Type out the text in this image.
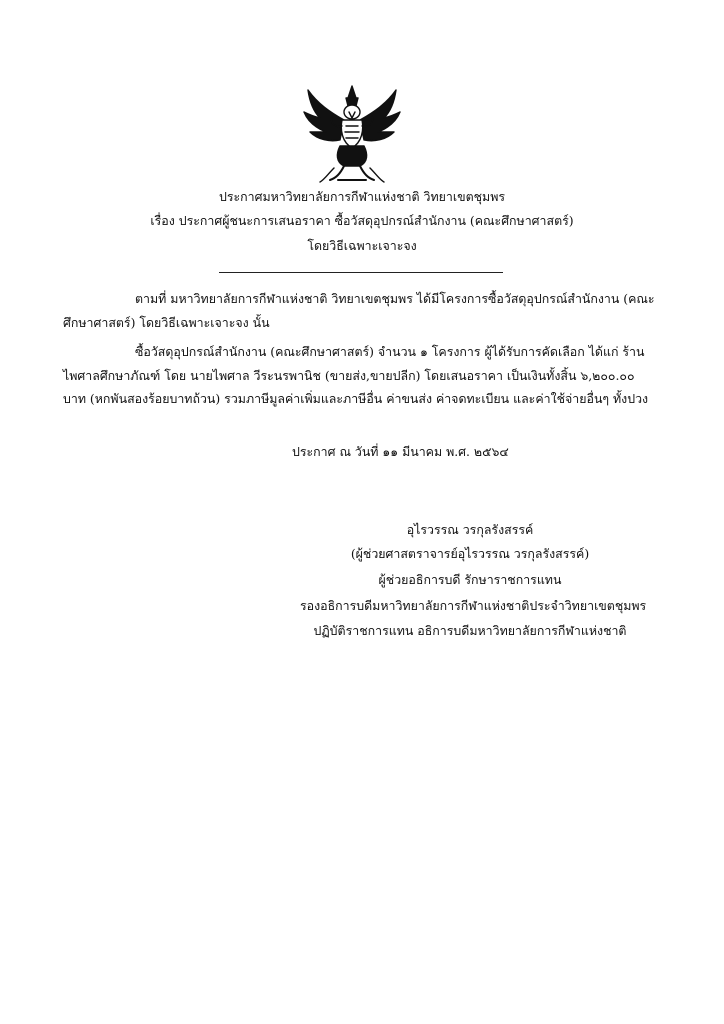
ประกาศมหาวิทยาลัยการกีฬาแห่งชาติ วิทยาเขตชุมพร
เรื่อง ประกาศผู้ชนะการเสนอราคา ซื้อวัสดุอุปกรณ์สำนักงาน (คณะศึกษาศาสตร์)
โดยวิธีเฉพาะเจาะจง
ตามที่ มหาวิทยาลัยการกีฬาแห่งชาติ วิทยาเขตชุมพร ได้มีโครงการซื้อวัสดุอุปกรณ์สำนักงาน (คณะศึกษาศาสตร์) โดยวิธีเฉพาะเจาะจง นั้น
ซื้อวัสดุอุปกรณ์สำนักงาน (คณะศึกษาศาสตร์) จำนวน ๑ โครงการ ผู้ได้รับการคัดเลือก ได้แก่ ร้านไพศาลศึกษาภัณฑ์ โดย นายไพศาล วีระนรพานิช (ขายส่ง,ขายปลีก) โดยเสนอราคา เป็นเงินทั้งสิ้น ๖,๒๐๐.๐๐ บาท (หกพันสองร้อยบาทถ้วน) รวมภาษีมูลค่าเพิ่มและภาษีอื่น ค่าขนส่ง ค่าจดทะเบียน และค่าใช้จ่ายอื่นๆ ทั้งปวง
ประกาศ ณ วันที่ ๑๑ มีนาคม พ.ศ. ๒๕๖๔
อุไรวรรณ วรกุลรังสรรค์
(ผู้ช่วยศาสตราจารย์อุไรวรรณ วรกุลรังสรรค์)
ผู้ช่วยอธิการบดี รักษาราชการแทน
รองอธิการบดีมหาวิทยาลัยการกีฬาแห่งชาติประจำวิทยาเขตชุมพร
ปฏิบัติราชการแทน อธิการบดีมหาวิทยาลัยการกีฬาแห่งชาติ
